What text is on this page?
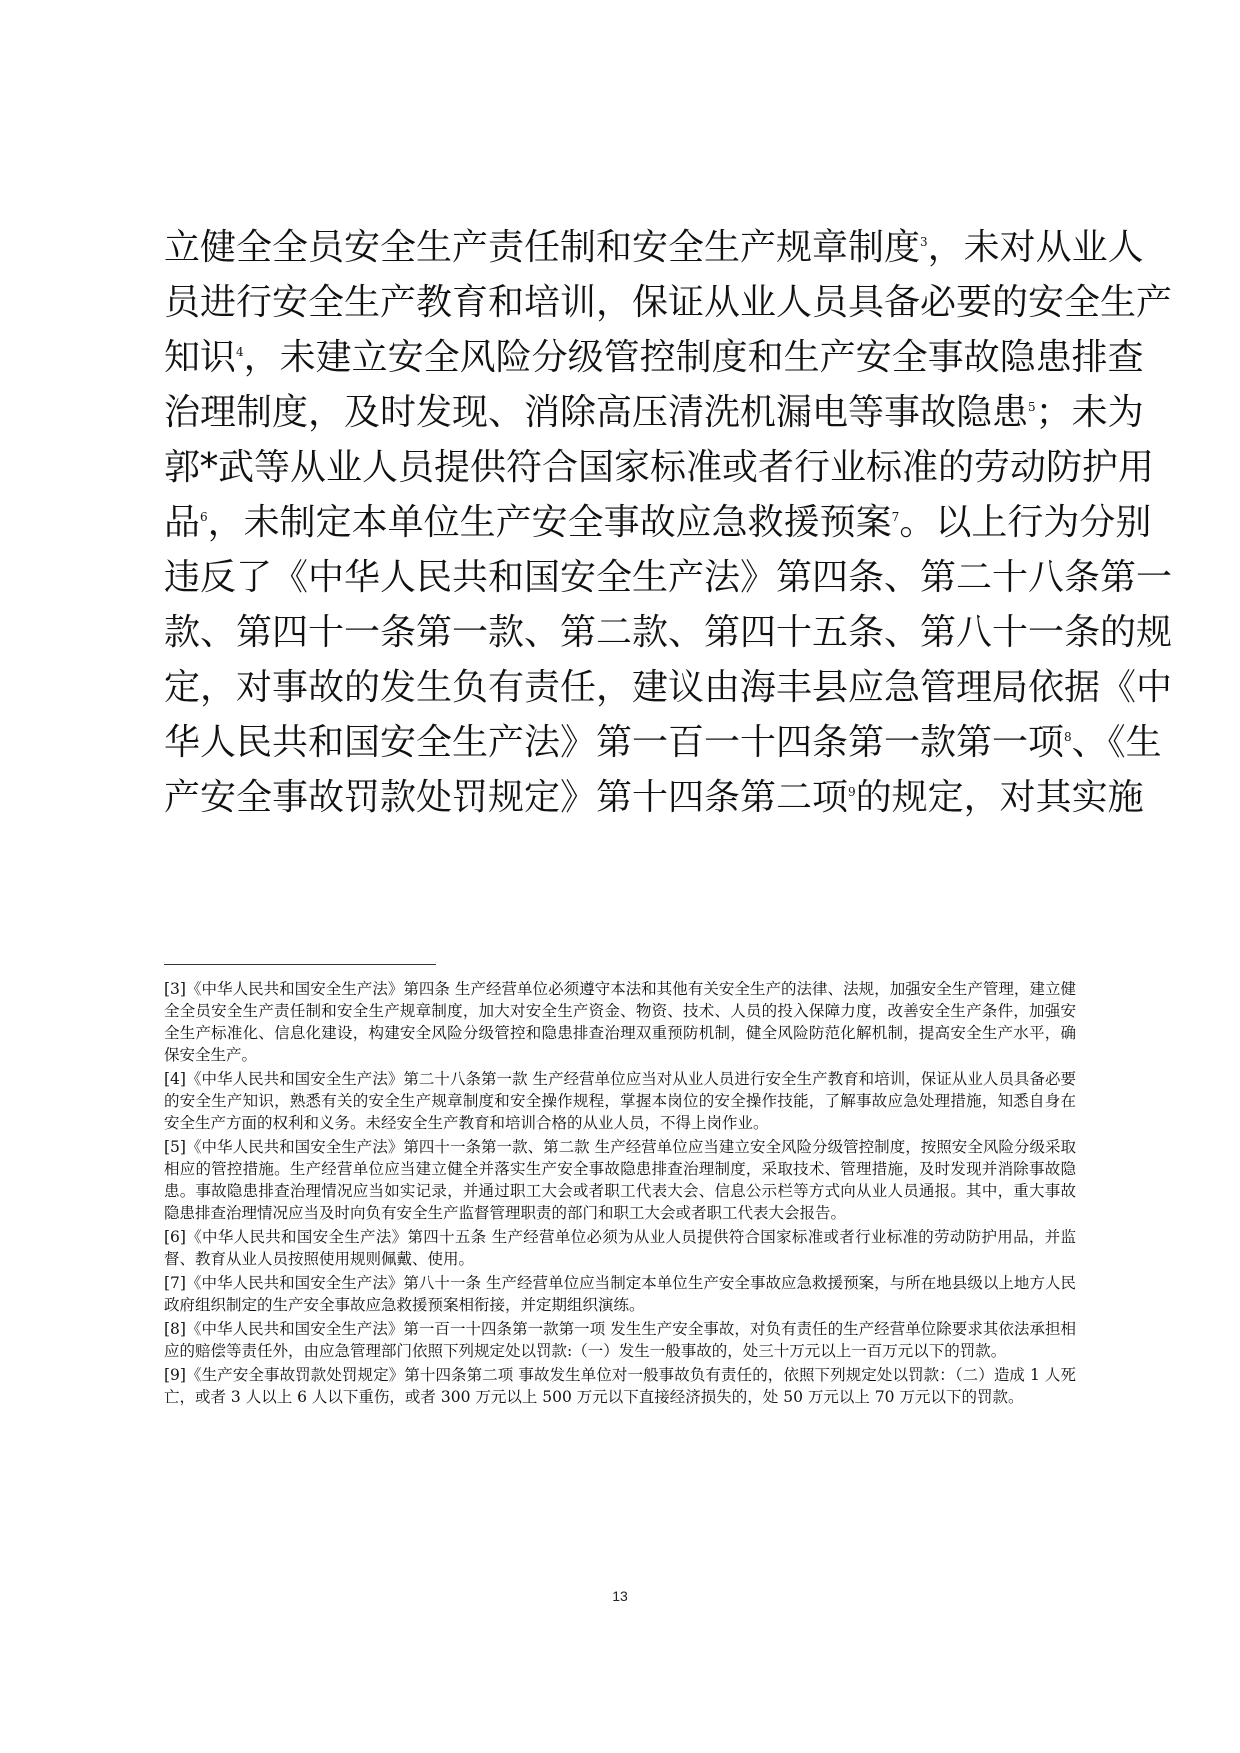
立健全全员安全生产责任制和安全生产规章制度$^3$，未对从业人
员进行安全生产教育和培训，保证从业人员具备必要的安全生产
知识$^4$，未建立安全风险分级管控制度和生产安全事故隐患排查
治理制度，及时发现、消除高压清洗机漏电等事故隐患$^5$；未为
郭*武等从业人员提供符合国家标准或者行业标准的劳动防护用
品$^6$，未制定本单位生产安全事故应急救援预案$^7$。以上行为分别
违反了《中华人民共和国安全生产法》第四条、第二十八条第一
款、第四十一条第一款、第二款、第四十五条、第八十一条的规
定，对事故的发生负有责任，建议由海丰县应急管理局依据《中
华人民共和国安全生产法》第一百一十四条第一款第一项$^8$、《生
产安全事故罚款处罚规定》第十四条第二项$^9$的规定，对其实施

[3]《中华人民共和国安全生产法》第四条 生产经营单位必须遵守本法和其他有关安全生产的法律、法规，加强安全生产管理，建立健全全员安全生产责任制和安全生产规章制度，加大对安全生产资金、物资、技术、人员的投入保障力度，改善安全生产条件，加强安全生产标准化、信息化建设，构建安全风险分级管控和隐患排查治理双重预防机制，健全风险防范化解机制，提高安全生产水平，确保安全生产。

[4]《中华人民共和国安全生产法》第二十八条第一款 生产经营单位应当对从业人员进行安全生产教育和培训，保证从业人员具备必要的安全生产知识，熟悉有关的安全生产规章制度和安全操作规程，掌握本岗位的安全操作技能，了解事故应急处理措施，知悉自身在安全生产方面的权利和义务。未经安全生产教育和培训合格的从业人员，不得上岗作业。

[5]《中华人民共和国安全生产法》第四十一条第一款、第二款 生产经营单位应当建立安全风险分级管控制度，按照安全风险分级采取相应的管控措施。生产经营单位应当建立健全并落实生产安全事故隐患排查治理制度，采取技术、管理措施，及时发现并消除事故隐患。事故隐患排查治理情况应当如实记录，并通过职工大会或者职工代表大会、信息公示栏等方式向从业人员通报。其中，重大事故隐患排查治理情况应当及时向负有安全生产监督管理职责的部门和职工大会或者职工代表大会报告。

[6]《中华人民共和国安全生产法》第四十五条 生产经营单位必须为从业人员提供符合国家标准或者行业标准的劳动防护用品，并监督、教育从业人员按照使用规则佩戴、使用。

[7]《中华人民共和国安全生产法》第八十一条 生产经营单位应当制定本单位生产安全事故应急救援预案，与所在地县级以上地方人民政府组织制定的生产安全事故应急救援预案相衔接，并定期组织演练。

[8]《中华人民共和国安全生产法》第一百一十四条第一款第一项 发生生产安全事故，对负有责任的生产经营单位除要求其依法承担相应的赔偿等责任外，由应急管理部门依照下列规定处以罚款:（一）发生一般事故的，处三十万元以上一百万元以下的罚款。

[9]《生产安全事故罚款处罚规定》第十四条第二项 事故发生单位对一般事故负有责任的，依照下列规定处以罚款：（二）造成 1 人死亡，或者 3 人以上 6 人以下重伤，或者 300 万元以上 500 万元以下直接经济损失的，处 50 万元以上 70 万元以下的罚款。

13
